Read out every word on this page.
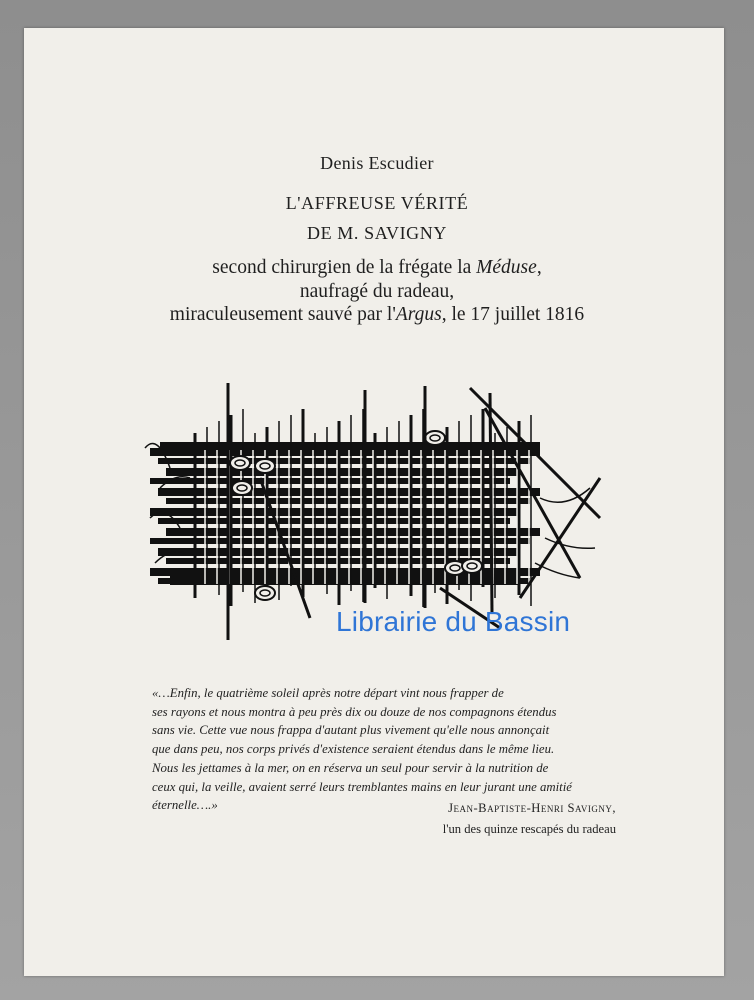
Denis Escudier
L'AFFREUSE VÉRITÉ
DE M. SAVIGNY
second chirurgien de la frégate la Méduse,
naufragé du radeau,
miraculeusement sauvé par l'Argus, le 17 juillet 1816
Librairie du Bassin
«…Enfin, le quatrième soleil après notre départ vint nous frapper de
ses rayons et nous montra à peu près dix ou douze de nos compagnons étendus
sans vie. Cette vue nous frappa d'autant plus vivement qu'elle nous annonçait
que dans peu, nos corps privés d'existence seraient étendus dans le même lieu.
Nous les jettames à la mer, on en réserva un seul pour servir à la nutrition de
ceux qui, la veille, avaient serré leurs tremblantes mains en leur jurant une amitié
éternelle….»	Jean-Baptiste-Henri Savigny,
l'un des quinze rescapés du radeau
